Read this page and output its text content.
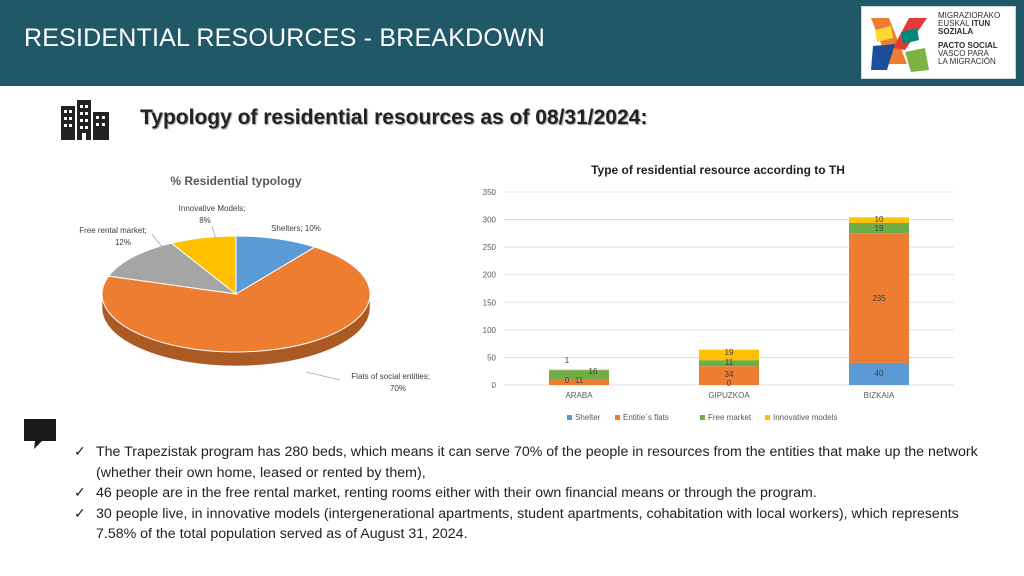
RESIDENTIAL RESOURCES - BREAKDOWN
MIGRAZIORAKO
EUSKAL ITUN
SOZIALA
PACTO SOCIAL
VASCO PARA
LA MIGRACIÓN
Typology of residential resources as of 08/31/2024:
% Residential typology
Shelters; 10%
Flats of social entities;
70%
Free rental market;
12%
Innovative Models;
8%
Type of residential resource according to TH
0
50
100
150
200
250
300
350
ARABA	GIPUZKOA	BIZKAIA
0 11
16
1
0
34
11
19
40
235
19
10
Shelter	Entitie´s flats	Free market	Innovative models
✓ The Trapezistak program has 280 beds, which means it can serve 70% of the people in resources from the entities that make up the network (whether their own home, leased or rented by them),
✓ 46 people are in the free rental market, renting rooms either with their own financial means or through the program.
✓ 30 people live, in innovative models (intergenerational apartments, student apartments, cohabitation with local workers), which represents 7.58% of the total population served as of August 31, 2024.
